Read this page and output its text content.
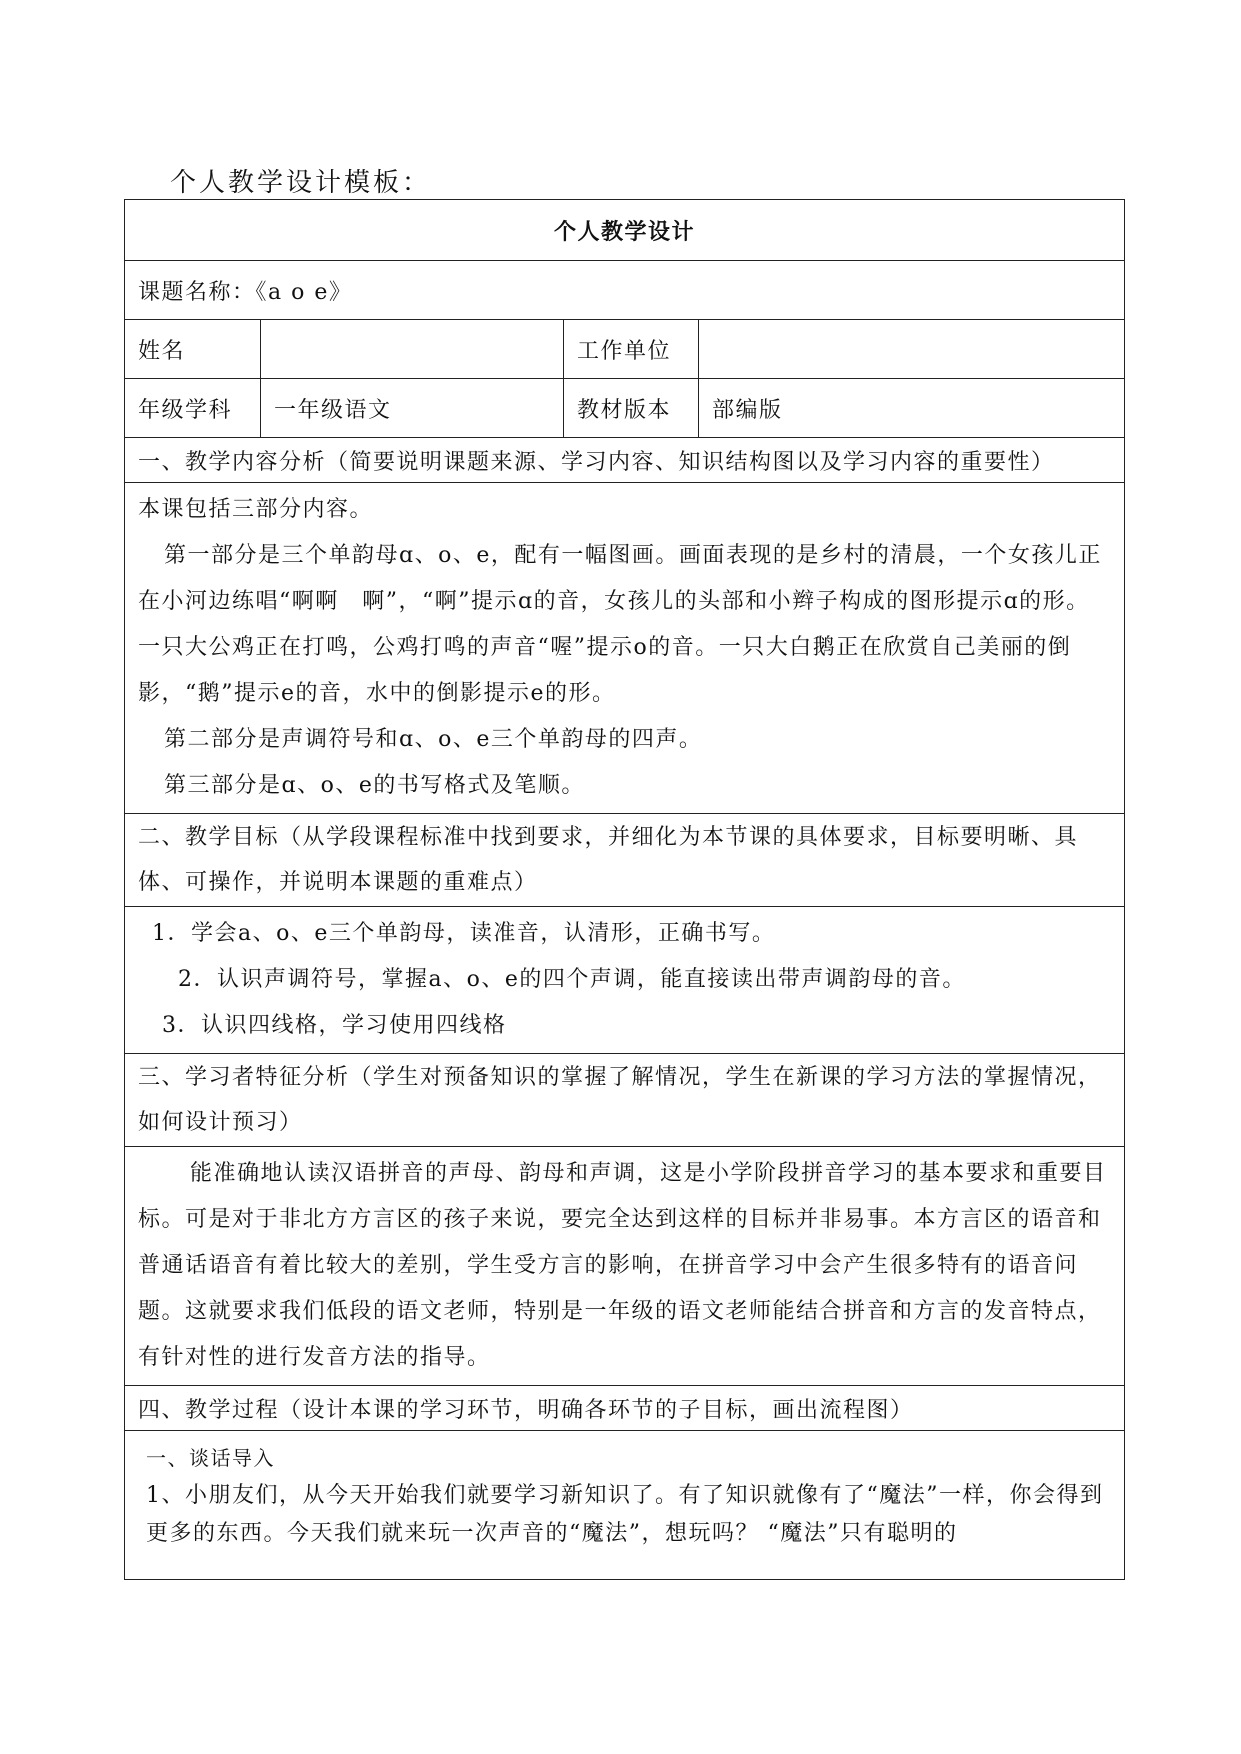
个人教学设计模板：
个人教学设计			
课题名称：《a o e》			
姓名		工作单位	
年级学科	一年级语文	教材版本	部编版
一、教学内容分析（简要说明课题来源、学习内容、知识结构图以及学习内容的重要性）			

本课包括三部分内容。

第一部分是三个单韵母ɑ、o、e，配有一幅图画。画面表现的是乡村的清晨，一个女孩儿正在小河边练唱“啊啊　啊”，“啊”提示ɑ的音，女孩儿的头部和小辫子构成的图形提示ɑ的形。一只大公鸡正在打鸣，公鸡打鸣的声音“喔”提示o的音。一只大白鹅正在欣赏自己美丽的倒影，“鹅”提示e的音，水中的倒影提示e的形。

第二部分是声调符号和ɑ、o、e三个单韵母的四声。

第三部分是ɑ、o、e的书写格式及笔顺。			

二、教学目标（从学段课程标准中找到要求，并细化为本节课的具体要求，目标要明晰、具体、可操作，并说明本课题的重难点）			

1．学会a、o、e三个单韵母，读准音，认清形，正确书写。

2．认识声调符号，掌握a、o、e的四个声调，能直接读出带声调韵母的音。

3．认识四线格，学习使用四线格			

三、学习者特征分析（学生对预备知识的掌握了解情况，学生在新课的学习方法的掌握情况，如何设计预习）			

能准确地认读汉语拼音的声母、韵母和声调，这是小学阶段拼音学习的基本要求和重要目标。可是对于非北方方言区的孩子来说，要完全达到这样的目标并非易事。本方言区的语音和普通话语音有着比较大的差别，学生受方言的影响，在拼音学习中会产生很多特有的语音问题。这就要求我们低段的语文老师，特别是一年级的语文老师能结合拼音和方言的发音特点，有针对性的进行发音方法的指导。			

四、教学过程（设计本课的学习环节，明确各环节的子目标，画出流程图）			

一、谈话导入

1、小朋友们，从今天开始我们就要学习新知识了。有了知识就像有了“魔法”一样，你会得到更多的东西。今天我们就来玩一次声音的“魔法”，想玩吗？ “魔法”只有聪明的			
